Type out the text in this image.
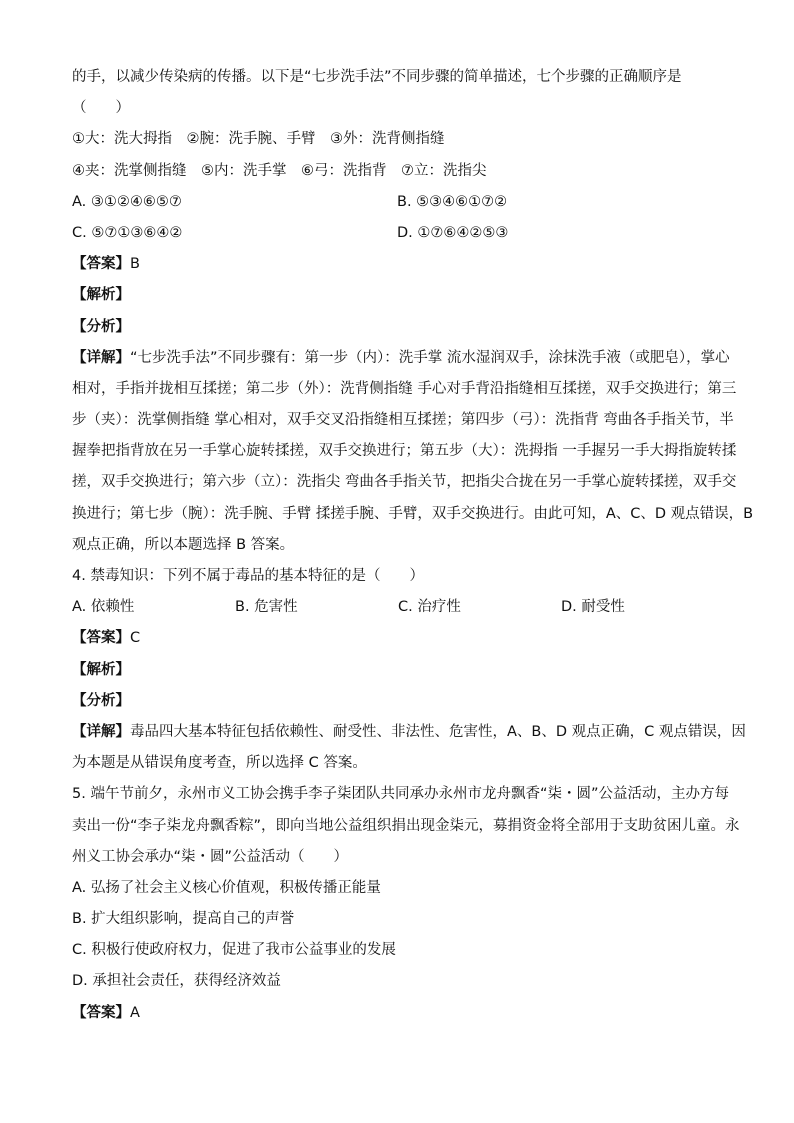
的手，以减少传染病的传播。以下是“七步洗手法”不同步骤的简单描述，七个步骤的正确顺序是
（　　）
①大：洗大拇指　②腕：洗手腕、手臂　③外：洗背侧指缝
④夹：洗掌侧指缝　⑤内：洗手掌　⑥弓：洗指背　⑦立：洗指尖
A. ③①②④⑥⑤⑦	B. ⑤③④⑥①⑦②
C. ⑤⑦①③⑥④②	D. ①⑦⑥④②⑤③
【答案】B
【解析】
【分析】
【详解】“七步洗手法”不同步骤有：第一步（内）：洗手掌 流水湿润双手，涂抹洗手液（或肥皂），掌心
相对，手指并拢相互揉搓；第二步（外）：洗背侧指缝 手心对手背沿指缝相互揉搓，双手交换进行；第三
步（夹）：洗掌侧指缝 掌心相对，双手交叉沿指缝相互揉搓；第四步（弓）：洗指背 弯曲各手指关节，半
握拳把指背放在另一手掌心旋转揉搓，双手交换进行；第五步（大）：洗拇指 一手握另一手大拇指旋转揉
搓，双手交换进行；第六步（立）：洗指尖 弯曲各手指关节，把指尖合拢在另一手掌心旋转揉搓，双手交
换进行；第七步（腕）：洗手腕、手臂 揉搓手腕、手臂，双手交换进行。由此可知，A、C、D 观点错误，B
观点正确，所以本题选择 B 答案。
4. 禁毒知识：下列不属于毒品的基本特征的是（　　）
A. 依赖性	B. 危害性	C. 治疗性	D. 耐受性
【答案】C
【解析】
【分析】
【详解】毒品四大基本特征包括依赖性、耐受性、非法性、危害性，A、B、D 观点正确，C 观点错误，因
为本题是从错误角度考查，所以选择 C 答案。
5. 端午节前夕，永州市义工协会携手李子柒团队共同承办永州市龙舟飘香“柒・圆”公益活动，主办方每
卖出一份“李子柒龙舟飘香粽”，即向当地公益组织捐出现金柒元，募捐资金将全部用于支助贫困儿童。永
州义工协会承办“柒・圆”公益活动（　　）
A. 弘扬了社会主义核心价值观，积极传播正能量
B. 扩大组织影响，提高自己的声誉
C. 积极行使政府权力，促进了我市公益事业的发展
D. 承担社会责任，获得经济效益
【答案】A
